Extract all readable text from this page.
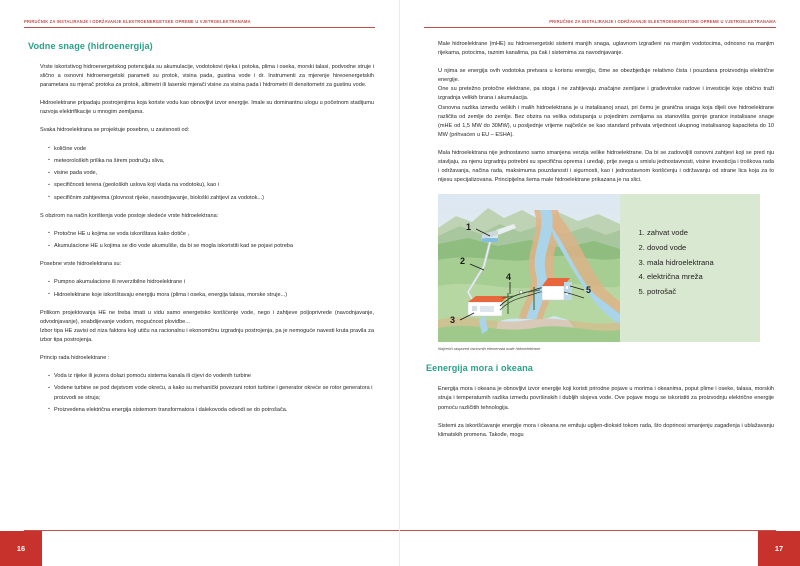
PRIRUČNIK ZA INSTALIRANJE I ODRŽAVANJE ELEKTROENERGETSKE OPREME U VJETROELEKTRANAMA
Vodne snage (hidroenergija)

Vrste iskoristivog hidroenergetskog potencijala su akumulacije, vodotokovi rijeka i potoka, plima i oseka, morski talasi, podvodne struje i slično a osnovni hidroenergetski parameti su protok, visina pada, gustina vode i dr. Instrumenti za mjerenje hireoenergetskih parametara su mjerač protoka za protok, altimetri ili laserski mjerači visine za visina pada i hidrometri ili densitometri za gustinu vode.

Hidroelektrane pripadaju postrojenjima koja koriste vodu kao obnovljivi izvor energije. Imale su dominantnu ulogu u početnom stadijumu razvoja elektrifikacije u mnogim zemljama.

Svaka hidroelektrana se projektuje posebno, u zavisnosti od:

· količine vode
· meteoroloških prilika na širem području sliva,
· visine pada vode,
· specifičnosti terena (geoloških uslova koji vlada na vodotoku), kao i
· specifičnim zahtjevima (plovnost rijeke, navodnjavanje, biološki zahtjevi za vodotok...)

S obzirom na način korištenja vode postoje sledeće vrste hidroelektrana:

· Protočne HE u kojima se voda iskorištava kako dotiče ,
· Akumulacione HE u kojima se dio vode akumuliše, da bi se mogla iskoristiti kad se pojavi potreba

Posebne vrste hidroelektrana su:

· Pumpno akumulacione ili reverzibilne hidroelektrane i
· Hidroelektrane koje iskorištavaju energiju mora (plima i oseka, energija talasa, morske struje...)

Prilikom projektovanja HE ne treba imati u vidu samo energetsko korišćenje vode, nego i zahtjeve poljoprivrede (navodnjavanje, odvodnjavanje), snabdijevanje vodom, mogućnost plovidbe...

Izbor tipa HE zavisi od niza faktora koji utiču na racionalnu i ekonomičnu izgradnju postrojenja, pa je nemoguće navesti kruta pravila za izbor tipa postrojenja.

Princip rada hidroelektrane :

· Voda iz rijeke ili jezera dolazi pomoću sistema kanala ili cijevi do vodenih turbine
· Vodene turbine se pod dejstvom vode okreću, a kako su mehanički povezani rotori turbine i generator okreće se rotor generatora i proizvodi se struja;
· Proizvedena električna energija sistemom transformatora i dalekovoda odvodi se do potrošača.
16
PRIRUČNIK ZA INSTALIRANJE I ODRŽAVANJE ELEKTROENERGETSKE OPREME U VJETROELEKTRANAMA

Male hidroelektrane (mHE) su hidroenergetski sistemi manjih snaga, uglavnom izgrađeni na manjim vodotocima, odnosno na manjim rijekama, potocima, raznim kanalima, pa čak i sistemima za navodnjavanje.

U njima se energija ovih vodotoka pretvara u korisnu energiju, čime se obezbjeđuje relativno čista i pouzdana proizvodnja električne energije.

One su pretežno protočne elektrane, pa stoga i ne zahtijevaju značajne zemljane i građevinske radove i investicije koje obično traži izgradnja velikih brana i akumulacija.

Osnovna razlika između velikih i malih hidroelektrana je u instalisanoj snazi, pri čemu je granična snaga koja dijeli ove hidroelektrane različita od zemlje do zemlje. Bez obzira na velika odstupanja u pojedinim zemljama sa stanovišta gornje granice instalisane snage (mHE od 1,5 MW do 30MW), u posljednje vrijeme najčešće se kao standard prihvata vrijednost ukupnog instalisanog kapaciteta do 10 MW (prihvaćen u EU – ESHA).

Mala hidroelektrana nije jednostavno samo smanjena verzija velike hidroelektrane. Da bi se zadovoljili osnovni zahtjevi koji se pred nju stavljaju, za njenu izgradnju potrebni su specifična oprema i uređaji, prije svega u smislu jednostavnosti, visine investicija i troškova rada i održavanja, načina rada, maksimuma pouzdanosti i sigurnosti, kao i jednostavnom korišćenju i održavanju od strane lica koja za to nijesu specijalizovana. Principijelna šema male hidroelektrane prikazana je na slici.

1
2
3
4
5
1. zahvat vode
2. dovod vode
3. mala hidroelektrana
4. električna mreža
5. potrošač
Najčešći raspored osnovnih elemenata male hidroelektrane
Eenergija mora i okeana

Energija mora i okeana je obnovljivi izvor energije koji koristi prirodne pojave u morima i okeanima, poput plime i oseke, talasa, morskih struja i temperaturnih razlika između površinskih i dubljih slojeva vode. Ove pojave mogu se iskoristiti za proizvodnju električne energije pomoću različitih tehnologija.

Sistemi za iskorišćavanje energije mora i okeana ne emituju ugljen-dioksid tokom rada, što doprinosi smanjenju zagađenja i ublažavanju klimatskih promena. Takođe, mogu

17
